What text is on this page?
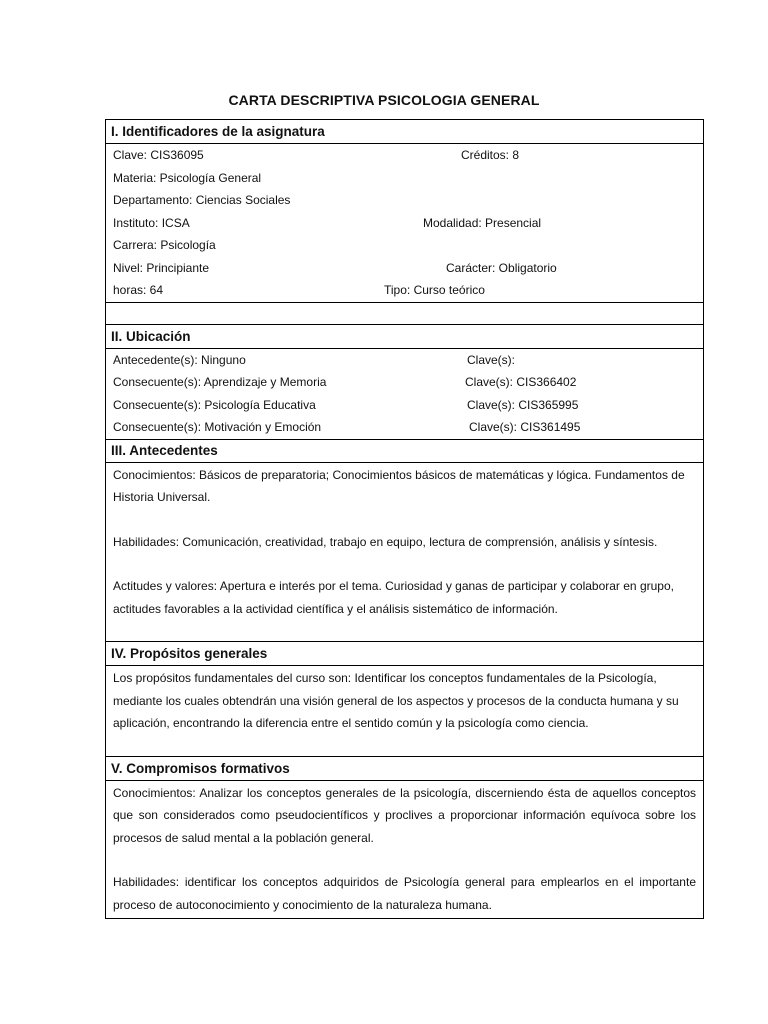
CARTA DESCRIPTIVA PSICOLOGIA GENERAL
I. Identificadores de la asignatura
Clave: CIS36095	Créditos: 8
Materia: Psicología General
Departamento: Ciencias Sociales
Instituto: ICSA	Modalidad: Presencial
Carrera: Psicología
Nivel: Principiante	Carácter: Obligatorio
horas: 64	Tipo: Curso teórico
II. Ubicación
Antecedente(s): Ninguno	Clave(s):
Consecuente(s): Aprendizaje y Memoria	Clave(s): CIS366402
Consecuente(s): Psicología Educativa	Clave(s): CIS365995
Consecuente(s): Motivación y Emoción	Clave(s): CIS361495
III. Antecedentes

Conocimientos: Básicos de preparatoria; Conocimientos básicos de matemáticas y lógica. Fundamentos de Historia Universal.

Habilidades: Comunicación, creatividad, trabajo en equipo, lectura de comprensión, análisis y síntesis.

Actitudes y valores: Apertura e interés por el tema. Curiosidad y ganas de participar y colaborar en grupo, actitudes favorables a la actividad científica y el análisis sistemático de información.

IV. Propósitos generales

Los propósitos fundamentales del curso son: Identificar los conceptos fundamentales de la Psicología, mediante los cuales obtendrán una visión general de los aspectos y procesos de la conducta humana y su aplicación, encontrando la diferencia entre el sentido común y la psicología como ciencia.

V. Compromisos formativos

Conocimientos: Analizar los conceptos generales de la psicología, discerniendo ésta de aquellos conceptos que son considerados como pseudocientíficos y proclives a proporcionar información equívoca sobre los procesos de salud mental a la población general.

Habilidades: identificar los conceptos adquiridos de Psicología general para emplearlos en el importante proceso de autoconocimiento y conocimiento de la naturaleza humana.
